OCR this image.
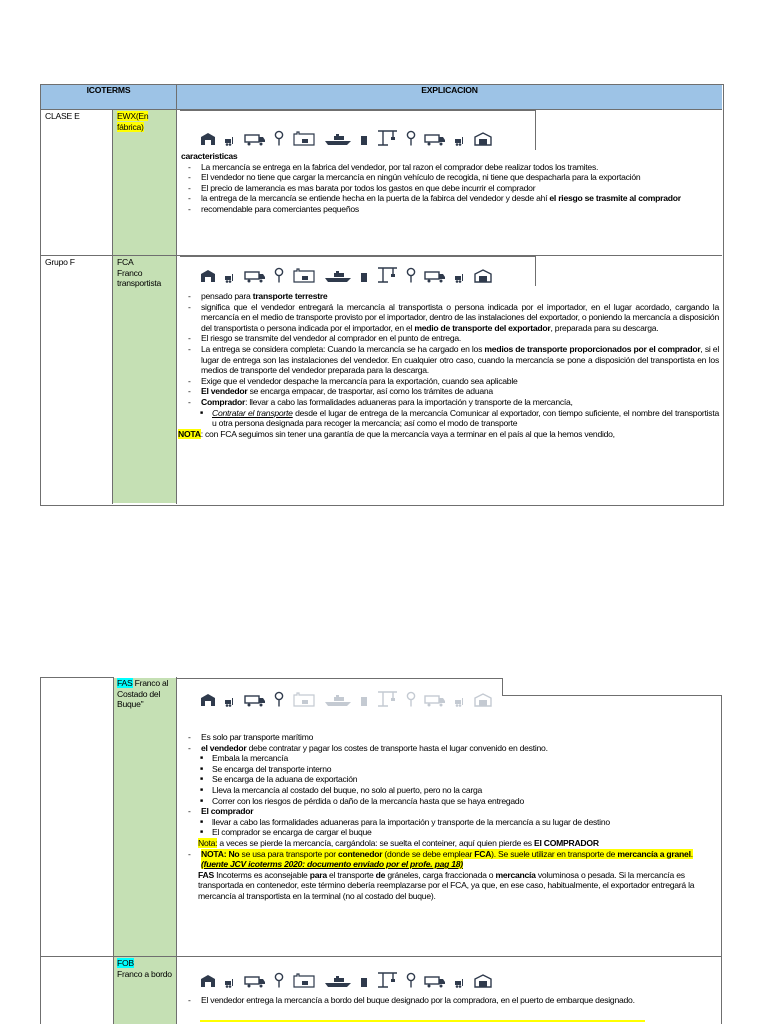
ICOTERMS	EXPLICACION
CLASE E	EWX(En fábrica)
caracteristicas
- La mercancía se entrega en la fabrica del vendedor, por tal razon el comprador debe realizar todos los tramites.
- El vendedor no tiene que cargar la mercancía en ningún vehículo de recogida, ni tiene que despacharla para la exportación
- El precio de lamerancia es mas barata por todos los gastos en que debe incurrir el comprador
- la entrega de la mercancía se entiende hecha en la puerta de la fabirca del vendedor y desde ahí el riesgo se trasmite al comprador
- recomendable para comerciantes pequeños
Grupo F	FCA
Franco transportista
- pensado para transporte terrestre
- significa que el vendedor entregará la mercancía al transportista o persona indicada por el importador, en el lugar acordado, cargando la mercancía en el medio de transporte provisto por el importador, dentro de las instalaciones del exportador, o poniendo la mercancía a disposición del transportista o persona indicada por el importador, en el medio de transporte del exportador, preparada para su descarga.
- El riesgo se transmite del vendedor al comprador en el punto de entrega.
- La entrega se considera completa: Cuando la mercancía se ha cargado en los medios de transporte proporcionados por el comprador, si el lugar de entrega son las instalaciones del vendedor. En cualquier otro caso, cuando la mercancía se pone a disposición del transportista en los medios de transporte del vendedor preparada para la descarga.
- Exige que el vendedor despache la mercancía para la exportación, cuando sea aplicable
- El vendedor se encarga empacar, de trasportar, así como los trámites de aduana
- Comprador: llevar a cabo las formalidades aduaneras para la importación y transporte de la mercancía,
■ Contratar el transporte desde el lugar de entrega de la mercancía Comunicar al exportador, con tiempo suficiente, el nombre del transportista u otra persona designada para recoger la mercancía; así como el modo de transporte
NOTA: con FCA seguimos sin tener una garantía de que la mercancía vaya a terminar en el país al que la hemos vendido,
FAS Franco al Costado del Buque"
- Es solo par transporte marítimo
- el vendedor debe contratar y pagar los costes de transporte hasta el lugar convenido en destino.
■ Embala la mercancía
■ Se encarga del transporte interno
■ Se encarga de la aduana de exportación
■ Lleva la mercancía al costado del buque, no solo al puerto, pero no la carga
■ Correr con los riesgos de pérdida o daño de la mercancía hasta que se haya entregado
- El comprador
■ llevar a cabo las formalidades aduaneras para la importación y transporte de la mercancía a su lugar de destino
■ El comprador se encarga de cargar el buque
Nota: a veces se pierde la mercancía, cargándola: se suelta el conteiner, aquí quien pierde es EI COMPRADOR
- NOTA: No se usa para transporte por contenedor (donde se debe emplear FCA). Se suele utilizar en transporte de mercancía a granel. (fuente JCV icoterms 2020: documento enviado por el profe. pag 18)
FAS Incoterms es aconsejable para el transporte de gráneles, carga fraccionada o mercancía voluminosa o pesada. Si la mercancía es transportada en contenedor, este término debería reemplazarse por el FCA, ya que, en ese caso, habitualmente, el exportador entregará la mercancía al transportista en la terminal (no al costado del buque).
FOB
Franco a bordo
- El vendedor entrega la mercancía a bordo del buque designado por la compradora, en el puerto de embarque designado.
